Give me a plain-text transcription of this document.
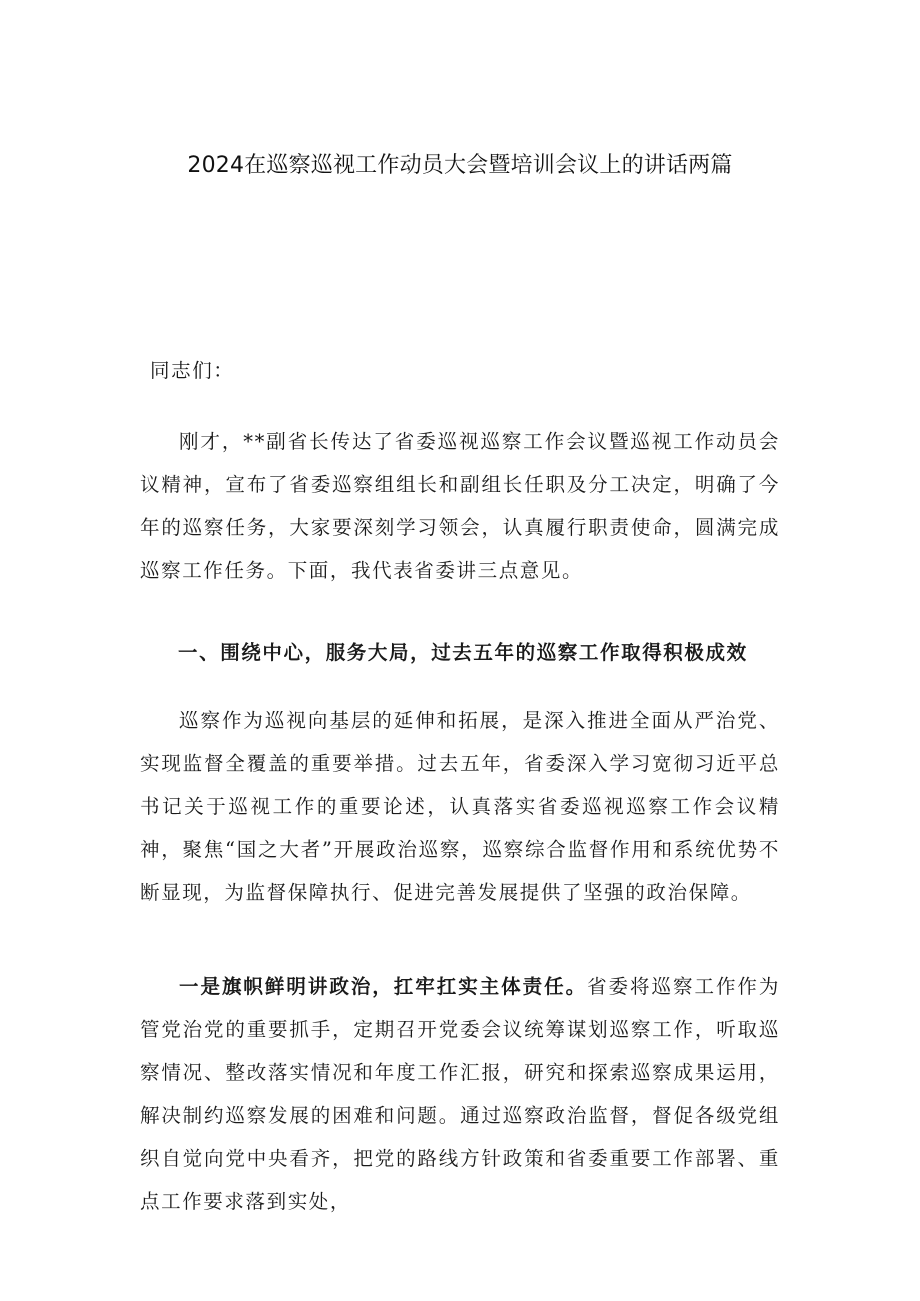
2024在巡察巡视工作动员大会暨培训会议上的讲话两篇
同志们：

刚才，**副省长传达了省委巡视巡察工作会议暨巡视工作动员会议精神，宣布了省委巡察组组长和副组长任职及分工决定，明确了今年的巡察任务，大家要深刻学习领会，认真履行职责使命，圆满完成巡察工作任务。下面，我代表省委讲三点意见。

一、围绕中心，服务大局，过去五年的巡察工作取得积极成效

巡察作为巡视向基层的延伸和拓展，是深入推进全面从严治党、实现监督全覆盖的重要举措。过去五年，省委深入学习宽彻习近平总书记关于巡视工作的重要论述，认真落实省委巡视巡察工作会议精神，聚焦“国之大者”开展政治巡察，巡察综合监督作用和系统优势不断显现，为监督保障执行、促进完善发展提供了坚强的政治保障。

一是旗帜鲜明讲政治，扛牢扛实主体责任。省委将巡察工作作为管党治党的重要抓手，定期召开党委会议统筹谋划巡察工作，听取巡察情况、整改落实情况和年度工作汇报，研究和探索巡察成果运用，解决制约巡察发展的困难和问题。通过巡察政治监督，督促各级党组织自觉向党中央看齐，把党的路线方针政策和省委重要工作部署、重点工作要求落到实处，
